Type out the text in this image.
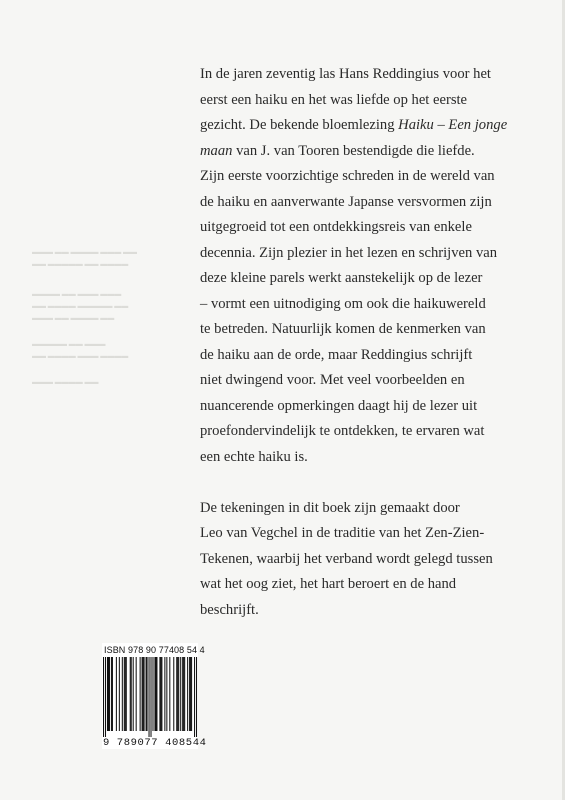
▬▬▬ ▬▬ ▬▬▬▬ ▬▬▬ ▬▬
▬▬ ▬▬▬▬▬ ▬▬ ▬▬▬▬
▬▬▬▬ ▬▬ ▬▬▬ ▬▬▬
▬▬ ▬▬▬▬ ▬▬▬▬▬ ▬▬
▬▬▬ ▬▬ ▬▬▬▬ ▬▬
▬▬▬▬▬ ▬▬ ▬▬▬
▬▬ ▬▬▬▬ ▬▬▬ ▬▬▬▬
▬▬▬ ▬▬▬▬ ▬▬

In de jaren zeventig las Hans Reddingius voor het
eerst een haiku en het was liefde op het eerste
gezicht. De bekende bloemlezing Haiku – Een jonge
maan van J. van Tooren bestendigde die liefde.
Zijn eerste voorzichtige schreden in de wereld van
de haiku en aanverwante Japanse versvormen zijn
uitgegroeid tot een ontdekkingsreis van enkele
decennia. Zijn plezier in het lezen en schrijven van
deze kleine parels werkt aanstekelijk op de lezer
– vormt een uitnodiging om ook die haikuwereld
te betreden. Natuurlijk komen de kenmerken van
de haiku aan de orde, maar Reddingius schrijft
niet dwingend voor. Met veel voorbeelden en
nuancerende opmerkingen daagt hij de lezer uit
proefondervindelijk te ontdekken, te ervaren wat
een echte haiku is.

De tekeningen in dit boek zijn gemaakt door
Leo van Vegchel in de traditie van het Zen-Zien-
Tekenen, waarbij het verband wordt gelegd tussen
wat het oog ziet, het hart beroert en de hand
beschrijft.

ISBN 978 90 77408 54 4
9 789077 408544
